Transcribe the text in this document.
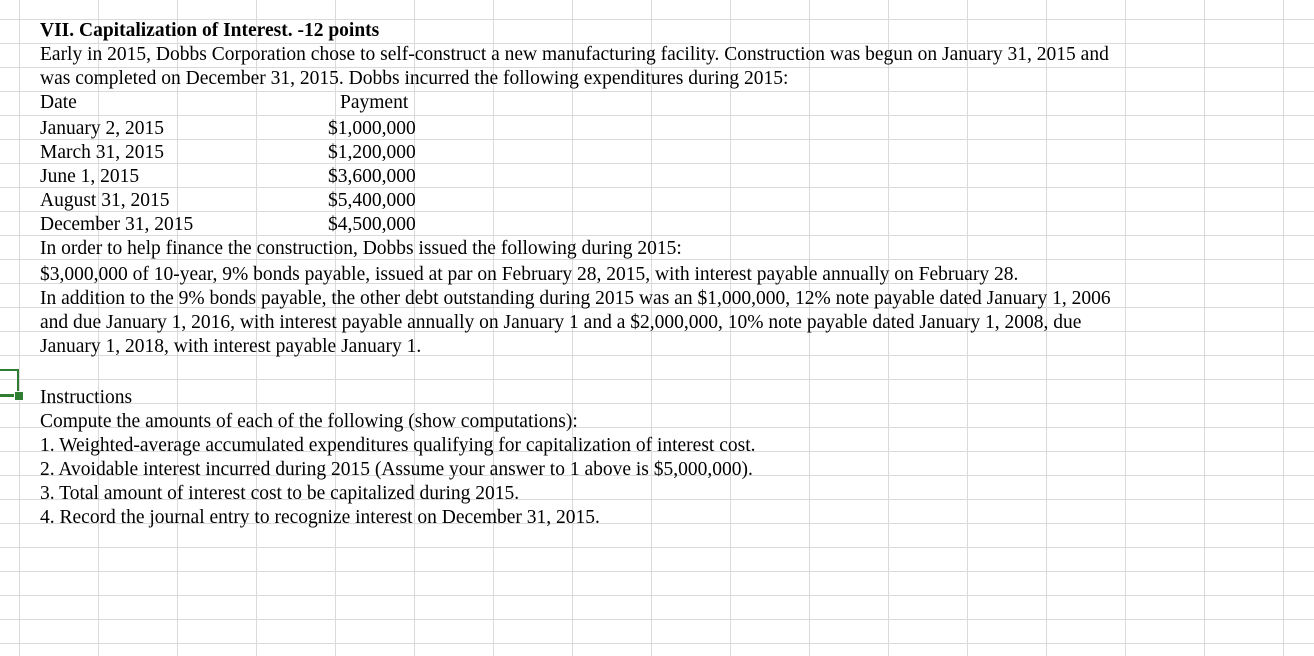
VII. Capitalization of Interest. -12 points
Early in 2015, Dobbs Corporation chose to self-construct a new manufacturing facility. Construction was begun on January 31, 2015 and
was completed on December 31, 2015. Dobbs incurred the following expenditures during 2015:
Date	Payment
January 2, 2015	$1,000,000
March 31, 2015	$1,200,000
June 1, 2015	$3,600,000
August 31, 2015	$5,400,000
December 31, 2015	$4,500,000
In order to help finance the construction, Dobbs issued the following during 2015:
$3,000,000 of 10-year, 9% bonds payable, issued at par on February 28, 2015, with interest payable annually on February 28.
In addition to the 9% bonds payable, the other debt outstanding during 2015 was an $1,000,000, 12% note payable dated January 1, 2006
and due January 1, 2016, with interest payable annually on January 1 and a $2,000,000, 10% note payable dated January 1, 2008, due
January 1, 2018, with interest payable January 1.
Instructions
Compute the amounts of each of the following (show computations):
1. Weighted-average accumulated expenditures qualifying for capitalization of interest cost.
2. Avoidable interest incurred during 2015 (Assume your answer to 1 above is $5,000,000).
3. Total amount of interest cost to be capitalized during 2015.
4. Record the journal entry to recognize interest on December 31, 2015.
